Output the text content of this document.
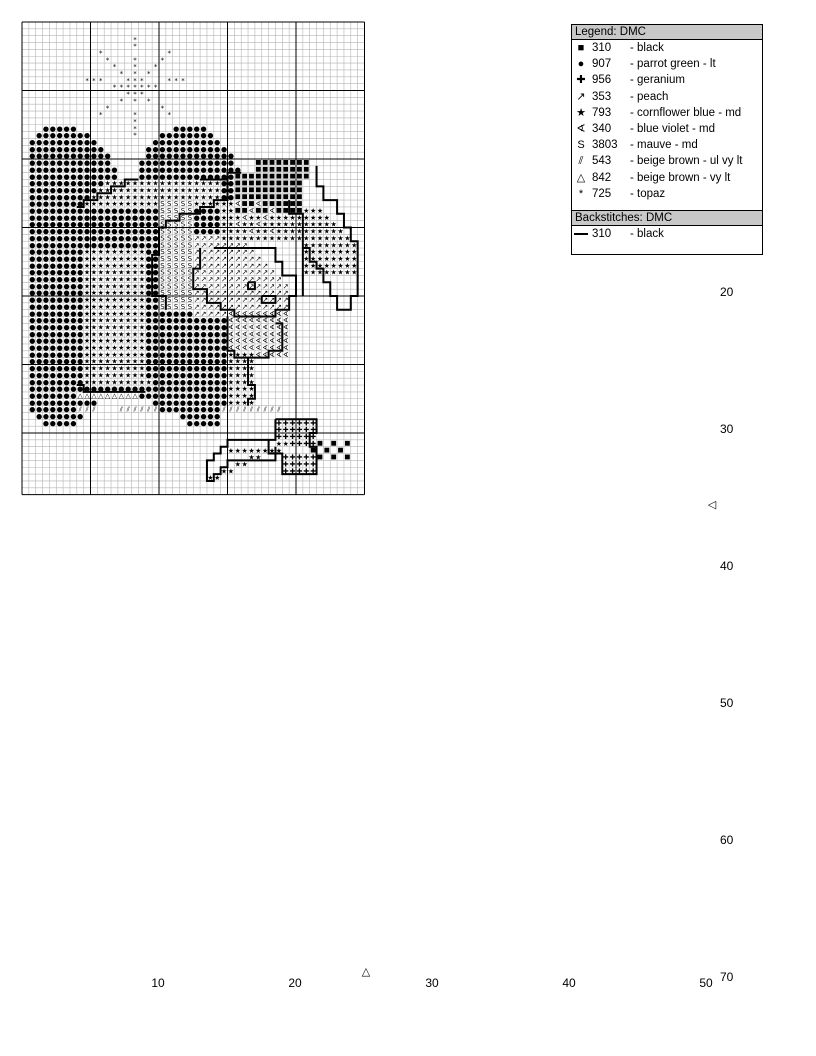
*
*
*
*
*
*
*
*
*
*
*
*
*
*
*
* *
*
*
*
* *
*
*
*
*
*
* * *	* * *
*	*
*
*
*	*
* *
*	*
● ● ● ● ●
● ● ● ● ● ● ● ●
● ● ● ● ● ● ● ● ● ●
● ● ● ● ● ● ● ● ● ● ●
● ● ● ● ● ● ● ● ● ● ● ●
● ● ● ● ● ● ● ● ● ● ● ●
● ● ● ● ● ● ● ● ● ● ● ● ●
● ● ● ● ● ● ● ● ● ● ● ● ●
● ● ● ● ● ● ● ● ● ● ● ★ ★ ★
● ● ● ● ● ● ● ● ● ● ★ ★ ★ ★
● ● ● ● ● ● ● ● ● ★ ★ ★ ★ ★ ★
● ● ● ● ● ● ● ● ★ ★ ★ ★ ★ ★ ★ ★
● ● ● ● ● ● ● ● ● ● ● ● ● ● ● ●
● ● ● ● ● ● ● ● ● ● ● ● ● ● ● ● ●
● ● ● ● ● ● ● ● ● ● ● ● ● ● ● ● ●
● ● ● ● ● ● ● ● ● ● ● ● ● ● ● ● ● ●
● ● ● ● ● ● ● ● ● ● ● ● ● ● ● ● ● ●
● ● ● ● ● ● ● ● ● ● ● ● ● ● ● ● ● ●
● ● ● ● ● ● ● ● ★ ★ ★ ★ ★ ★ ★ ★ ★ ●
● ● ● ● ● ● ● ● ★ ★ ★ ★ ★ ★ ★ ★ ★ ●
● ● ● ● ● ● ● ● ★ ★ ★ ★ ★ ★ ★ ★ ★ ●
● ● ● ● ● ● ● ● ★ ★ ★ ★ ★ ★ ★ ★ ★ ●
● ● ● ● ● ● ● ● ★ ★ ★ ★ ★ ★ ★ ★ ★ ●
● ● ● ● ● ● ● ● ★ ★ ★ ★ ★ ★ ★ ★ ★ ●
● ● ● ● ● ● ● ● ★ ★ ★ ★ ★ ★ ★ ★ ★ ●
● ● ● ● ● ● ● ● ★ ★ ★ ★ ★ ★ ★ ★ ★ ●
● ● ● ● ● ● ● ● ★ ★ ★ ★ ★ ★ ★ ★ ★ ●
● ● ● ● ● ● ● ● ★ ★ ★ ★ ★ ★ ★ ★ ★ ●
● ● ● ● ● ● ● ● ★ ★ ★ ★ ★ ★ ★ ★ ★ ●
● ● ● ● ● ● ● ● ★ ★ ★ ★ ★ ★ ★ ★ ★ ●
● ● ● ● ● ● ● ● ★ ★ ★ ★ ★ ★ ★ ★ ★ ●
● ● ● ● ● ● ● ● ★ ★ ★ ★ ★ ★ ★ ★ ★ ●
● ● ● ● ● ● ● ● ★ ★ ★ ★ ★ ★ ★ ★ ★ ●
● ● ● ● ● ● ● ● ★ ★ ★ ★ ★ ★ ★ ★ ★ ●
● ● ● ● ● ● ● ● ★ ★ ★ ★ ★ ★ ★ ★ ★ ●
● ● ● ● ● ● ● ● ★ ★ ★ ★ ★ ★ ★ ★ ★ ●
● ● ● ● ● ● ● ● ★ ★ ★ ★ ★ ★ ★ ★ ★ ●
● ● ● ● ● ● ● ● ★ ★ ★ ★ ★ ★ ★ ★ ★ ★
● ● ● ● ● ● ● ● ● ● ● ● ● ● ● ● ● ●
● ● ● ● ● ● ● △ △ △ △ △ △ △ △ △ ● ●
● ● ● ● ● ● ● ● ● ●
● ● ● ● ● ● ● ⫽ ⫽
● ● ● ● ● ● ●
● ● ● ● ●
● ● ● ● ●
● ● ● ● ● ● ● ●
● ● ● ● ● ● ● ● ● ●
● ● ● ● ● ● ● ● ● ● ● ●
● ● ● ● ● ● ● ● ● ● ● ● ●
● ● ● ● ● ● ● ● ● ● ● ● ● ●
● ● ● ● ● ● ● ● ● ● ● ● ● ● ●
● ● ● ● ● ● ● ● ● ● ● ● ● ●
★ ★ ★ ★ ★ ★ ★ ★ ★ ★ ★ ★ ● ●
★ ★ ★ ★ ★ ★ ★ ★ ★ ★ ★ ★ ● ●
★ ★ ★ ★ ★ ★ ★ ★ ★ ★ ★ ★ ● ●
★ ★ ★ S S S S S ★ ★ ★ ★ ★ ★ ∢
● ● ● S S S S S ● ● ● ● ★ ★
● ● S S S S S ● ● ● ● ★ ★ ★ ∢
● ● S S S S S ● ● ● ● ★ ★
● S S S S S ● ● ● ● ★ ★
● S S S S S ↗ ↗ ↗ ↗ ★ ★
● S S S S S ↗ ↗ ↗ ↗ ↗ ↗
● S S S S S ↗ ↗ ↗ ↗ ↗ ↗
● S S S S S ↗ ↗ ↗ ↗ ↗ ↗
● S S S S S ↗ ↗ ↗ ↗ ↗ ↗
● S S S S S ↗ ↗ ↗ ↗ ↗ ↗
● S S S S S ↗ ↗ ↗ ↗ ↗ ↗
● S S S S S ↗ ↗ ↗ ↗ ↗ ↗
● S S S S S ↗ ↗ ↗ ↗ ↗ ↗
● S S S S S ↗ ↗ ↗ ↗ ↗ ↗
● S S S S S ↗ ↗ ↗ ↗ ↗ ↗
● ● ● ● ● ● ↗ ↗ ↗ ↗ ↗ ∢
● ● ● ● ● ● ● ● ● ● ● ∢
● ● ● ● ● ● ● ● ● ● ● ∢
● ● ● ● ● ● ● ● ● ● ● ∢
● ● ● ● ● ● ● ● ● ● ● ∢
● ● ● ● ● ● ● ● ● ● ● ∢
● ● ● ● ● ● ● ● ● ● ● ★
● ● ● ● ● ● ● ● ● ● ● ★
● ● ● ● ● ● ● ● ● ● ● ★
● ● ● ● ● ● ● ● ● ● ● ★
● ● ● ● ● ● ● ● ● ● ● ★
● ● ● ● ● ● ● ● ● ● ● ★
● ● ● ● ● ● ● ● ● ● ● ★
● ● ● ● ● ● ● ● ● ● ● ★
● ● ● ● ● ● ● ● ● ⫽ ⫽
● ● ● ● ● ●
● ● ● ● ●
⫽	⫽ ⫽ ⫽ ⫽ ⫽ ⫽
★ ★
★ ★
★
★
↗ ↗
↗ ↗ ↗
↗ ↗ ↗ ↗
↗ ↗ ↗ ↗ ↗
↗ ↗ ↗ ↗ ↗ ↗
↗ ↗ ↗ ↗ ↗ ↗ ↗
↗ ↗ ↗ ↗ ↗ ↗ ↗ ↗
↗ ↗ ↗ ↗ ↗ ↗ ↗ ↗
↗ ↗ ↗ ↗ ↗ ↗ ↗ ↗
↗ ↗ ↗ ↗ ↗ ↗ ↗ ↗
∢ ∢ ∢ ∢ ∢ ∢ ∢ ∢
∢
∢ ∢
★ ★ ∢ ★ ★ ★ ★ ★
∢ ★ ★ ∢ ★ ★ ★ ★ ★ ★
★ ★ ∢ ★ ★ ∢ ★ ★ ★ ★
★ ★ ★ ★ ★ ★ ★ ★ ★
★ ★ ★
★ ★ ★ ★
★ ★ ★ ★ ★
★ ★ ★ ★ ★ ★
★ ★ ★ ★ ★ ★ ★
★ ★ ★ ★ ★ ★ ★ ★
★ ★ ★ ★ ★ ★ ★ ★
★ ★ ★ ★ ★ ★ ★ ★
★ ★ ★ ★ ★ ★ ★ ★
★ ★ ★ ★ ★ ★ ★ ★
∢ ∢ ∢ ∢ ∢ ∢ ∢ ∢
∢ ∢ ∢ ∢ ∢ ∢ ∢ ∢
∢ ∢ ∢ ∢ ∢ ∢ ∢ ∢
∢ ∢ ∢ ∢ ∢ ∢ ∢ ∢
∢ ∢ ∢ ∢ ∢ ∢ ∢ ∢
★ ★ ★ ∢ ∢ ∢ ∢ ∢
★ ★ ★
★ ★ ★
★ ★ ★
★ ★ ★
★ ★ ★
★ ★ ★
★ ★ ★
⫽ ⫽ ⫽ ⫽ ⫽ ⫽ ⫽
✚ ✚ ✚ ✚ ✚ ✚
✚ ✚ ✚ ✚ ✚ ✚
✚ ✚ ✚ ✚ ✚ ✚
★ ★ ✚ ✚ ✚ ✚
✚ ✚ ✚ ✚ ✚
✚ ✚ ✚ ✚ ✚
✚ ✚ ✚ ✚ ✚
★ ★
★ ★
★ ★
★ ★
★ ★
★ ★ ★ ★ ★ ★
10	20	30	40	50
20
30
40
50
60
70
△
◁
Legend: DMC
■ 310 - black
● 907 - parrot green - lt
✚ 956 - geranium
↗ 353 - peach
★ 793 - cornflower blue - md
∢ 340 - blue violet - md
S 3803 - mauve - md
⫽ 543 - beige brown - ul vy lt
△ 842 - beige brown - vy lt
* 725 - topaz
Backstitches: DMC
310 - black
